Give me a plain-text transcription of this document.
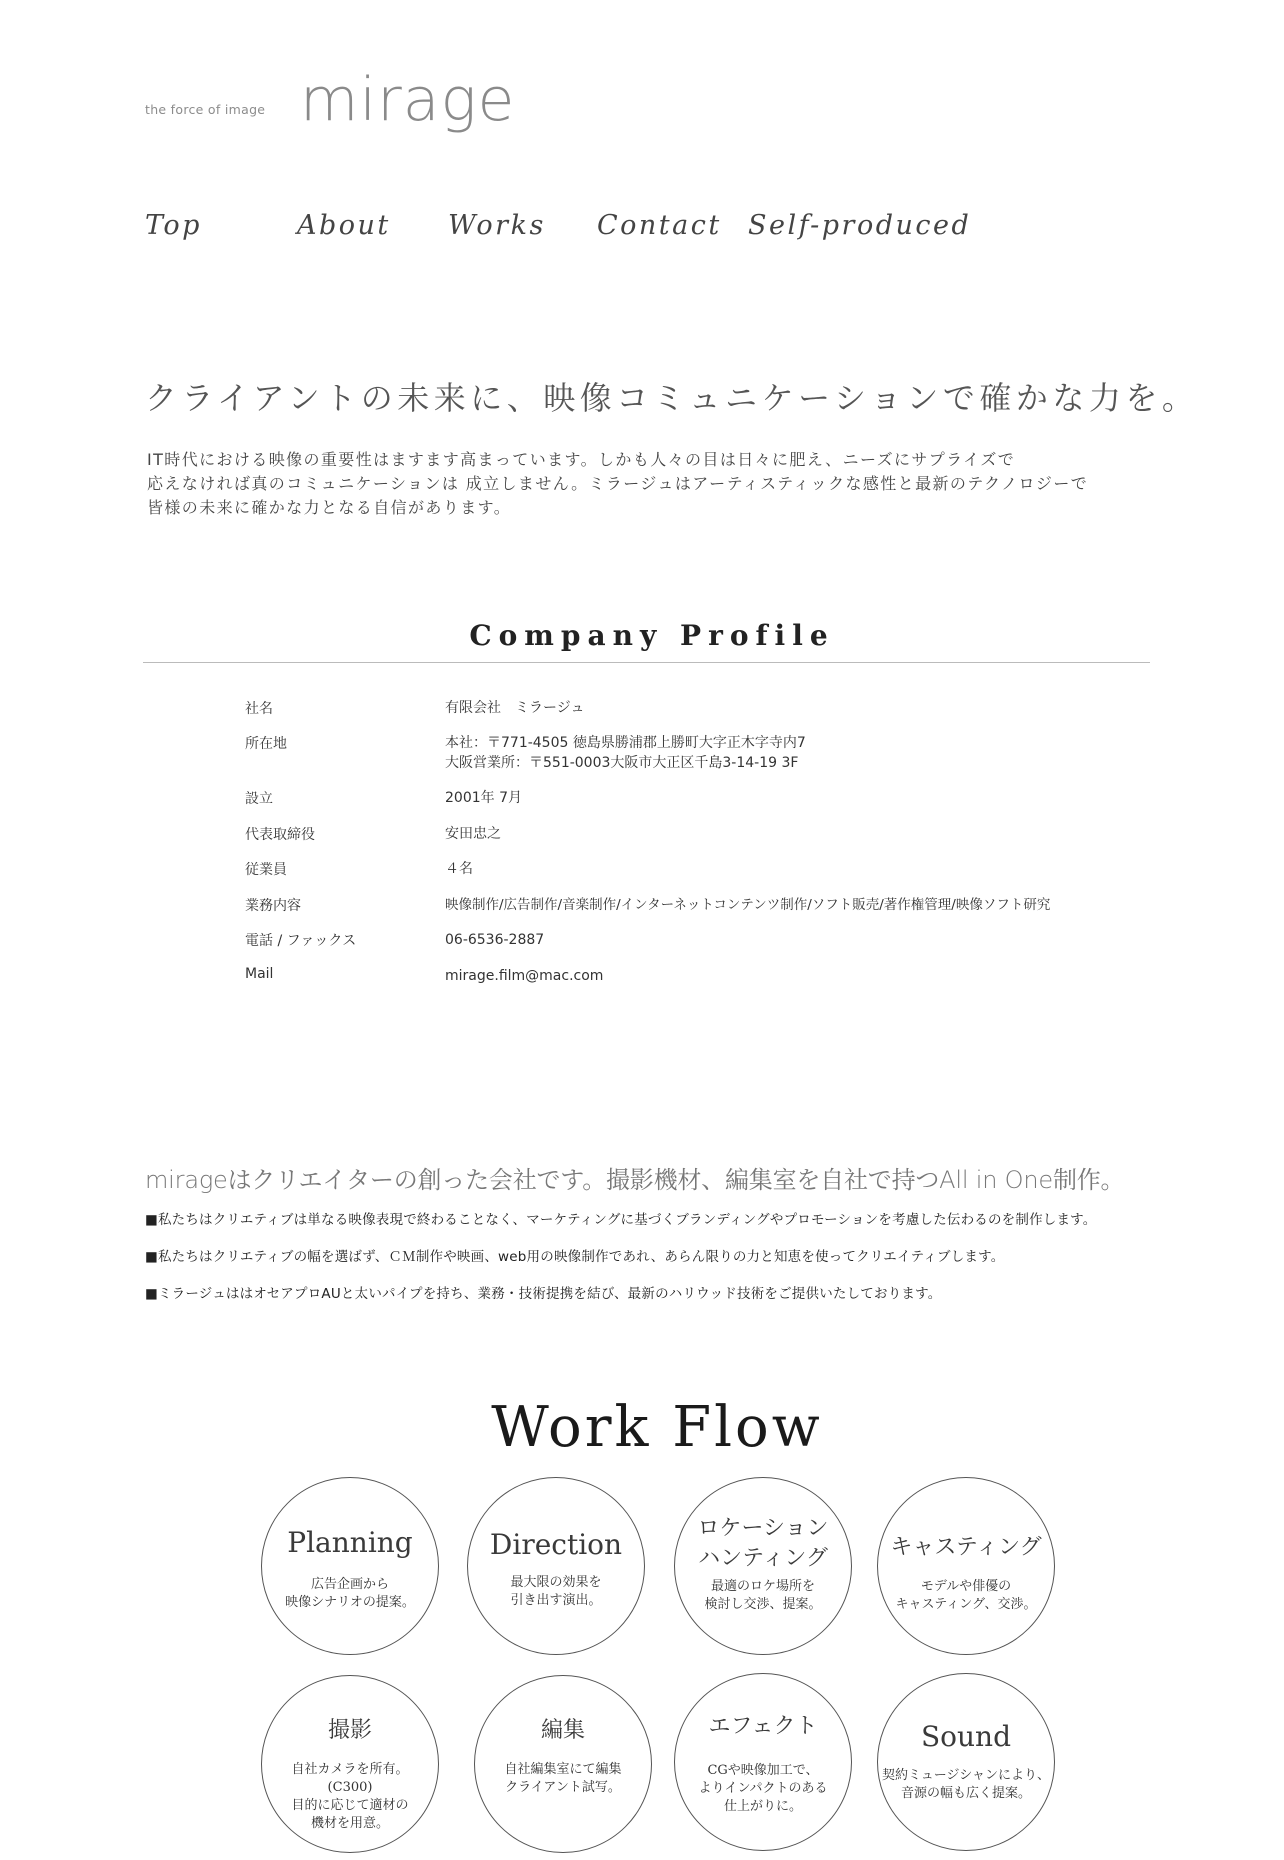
the force of image mirage
Top	About Works Contact Self-produced
クライアントの未来に、映像コミュニケーションで確かな力を。

IT時代における映像の重要性はますます高まっています。しかも人々の目は日々に肥え、ニーズにサプライズで

応えなければ真のコミュニケーションは 成立しません。ミラージュはアーティスティックな感性と最新のテクノロジーで

皆様の未来に確かな力となる自信があります。

Company Profile
社名	有限会社　ミラージュ
所在地	本社：〒771-4505 徳島県勝浦郡上勝町大字正木字寺内7
大阪営業所：〒551-0003大阪市大正区千島3-14-19 3F
設立	2001年 7月
代表取締役	安田忠之
従業員	４名
業務内容	映像制作/広告制作/音楽制作/インターネットコンテンツ制作/ソフト販売/著作権管理/映像ソフト研究
電話 / ファックス	06-6536-2887
Mail	mirage.film@mac.com
mirageはクリエイターの創った会社です。撮影機材、編集室を自社で持つAll in One制作。
■私たちはクリエティブは単なる映像表現で終わることなく、マーケティングに基づくブランディングやプロモーションを考慮した伝わるのを制作します。
■私たちはクリエティブの幅を選ばず、ＣＭ制作や映画、web用の映像制作であれ、あらん限りの力と知恵を使ってクリエイティブします。
■ミラージュははオセアプロAUと太いパイプを持ち、業務・技術提携を結び、最新のハリウッド技術をご提供いたしております。
Work Flow
Planning
広告企画から
映像シナリオの提案。
Direction
最大限の効果を
引き出す演出。
ロケーション
ハンティング
最適のロケ場所を
検討し交渉、提案。
キャスティング
モデルや俳優の
キャスティング、交渉。
撮影
自社カメラを所有。
(C300)
目的に応じて適材の
機材を用意。
編集
自社編集室にて編集
クライアント試写。
エフェクト
CGや映像加工で、
よりインパクトのある
仕上がりに。
Sound
契約ミュージシャンにより、
音源の幅も広く提案。
